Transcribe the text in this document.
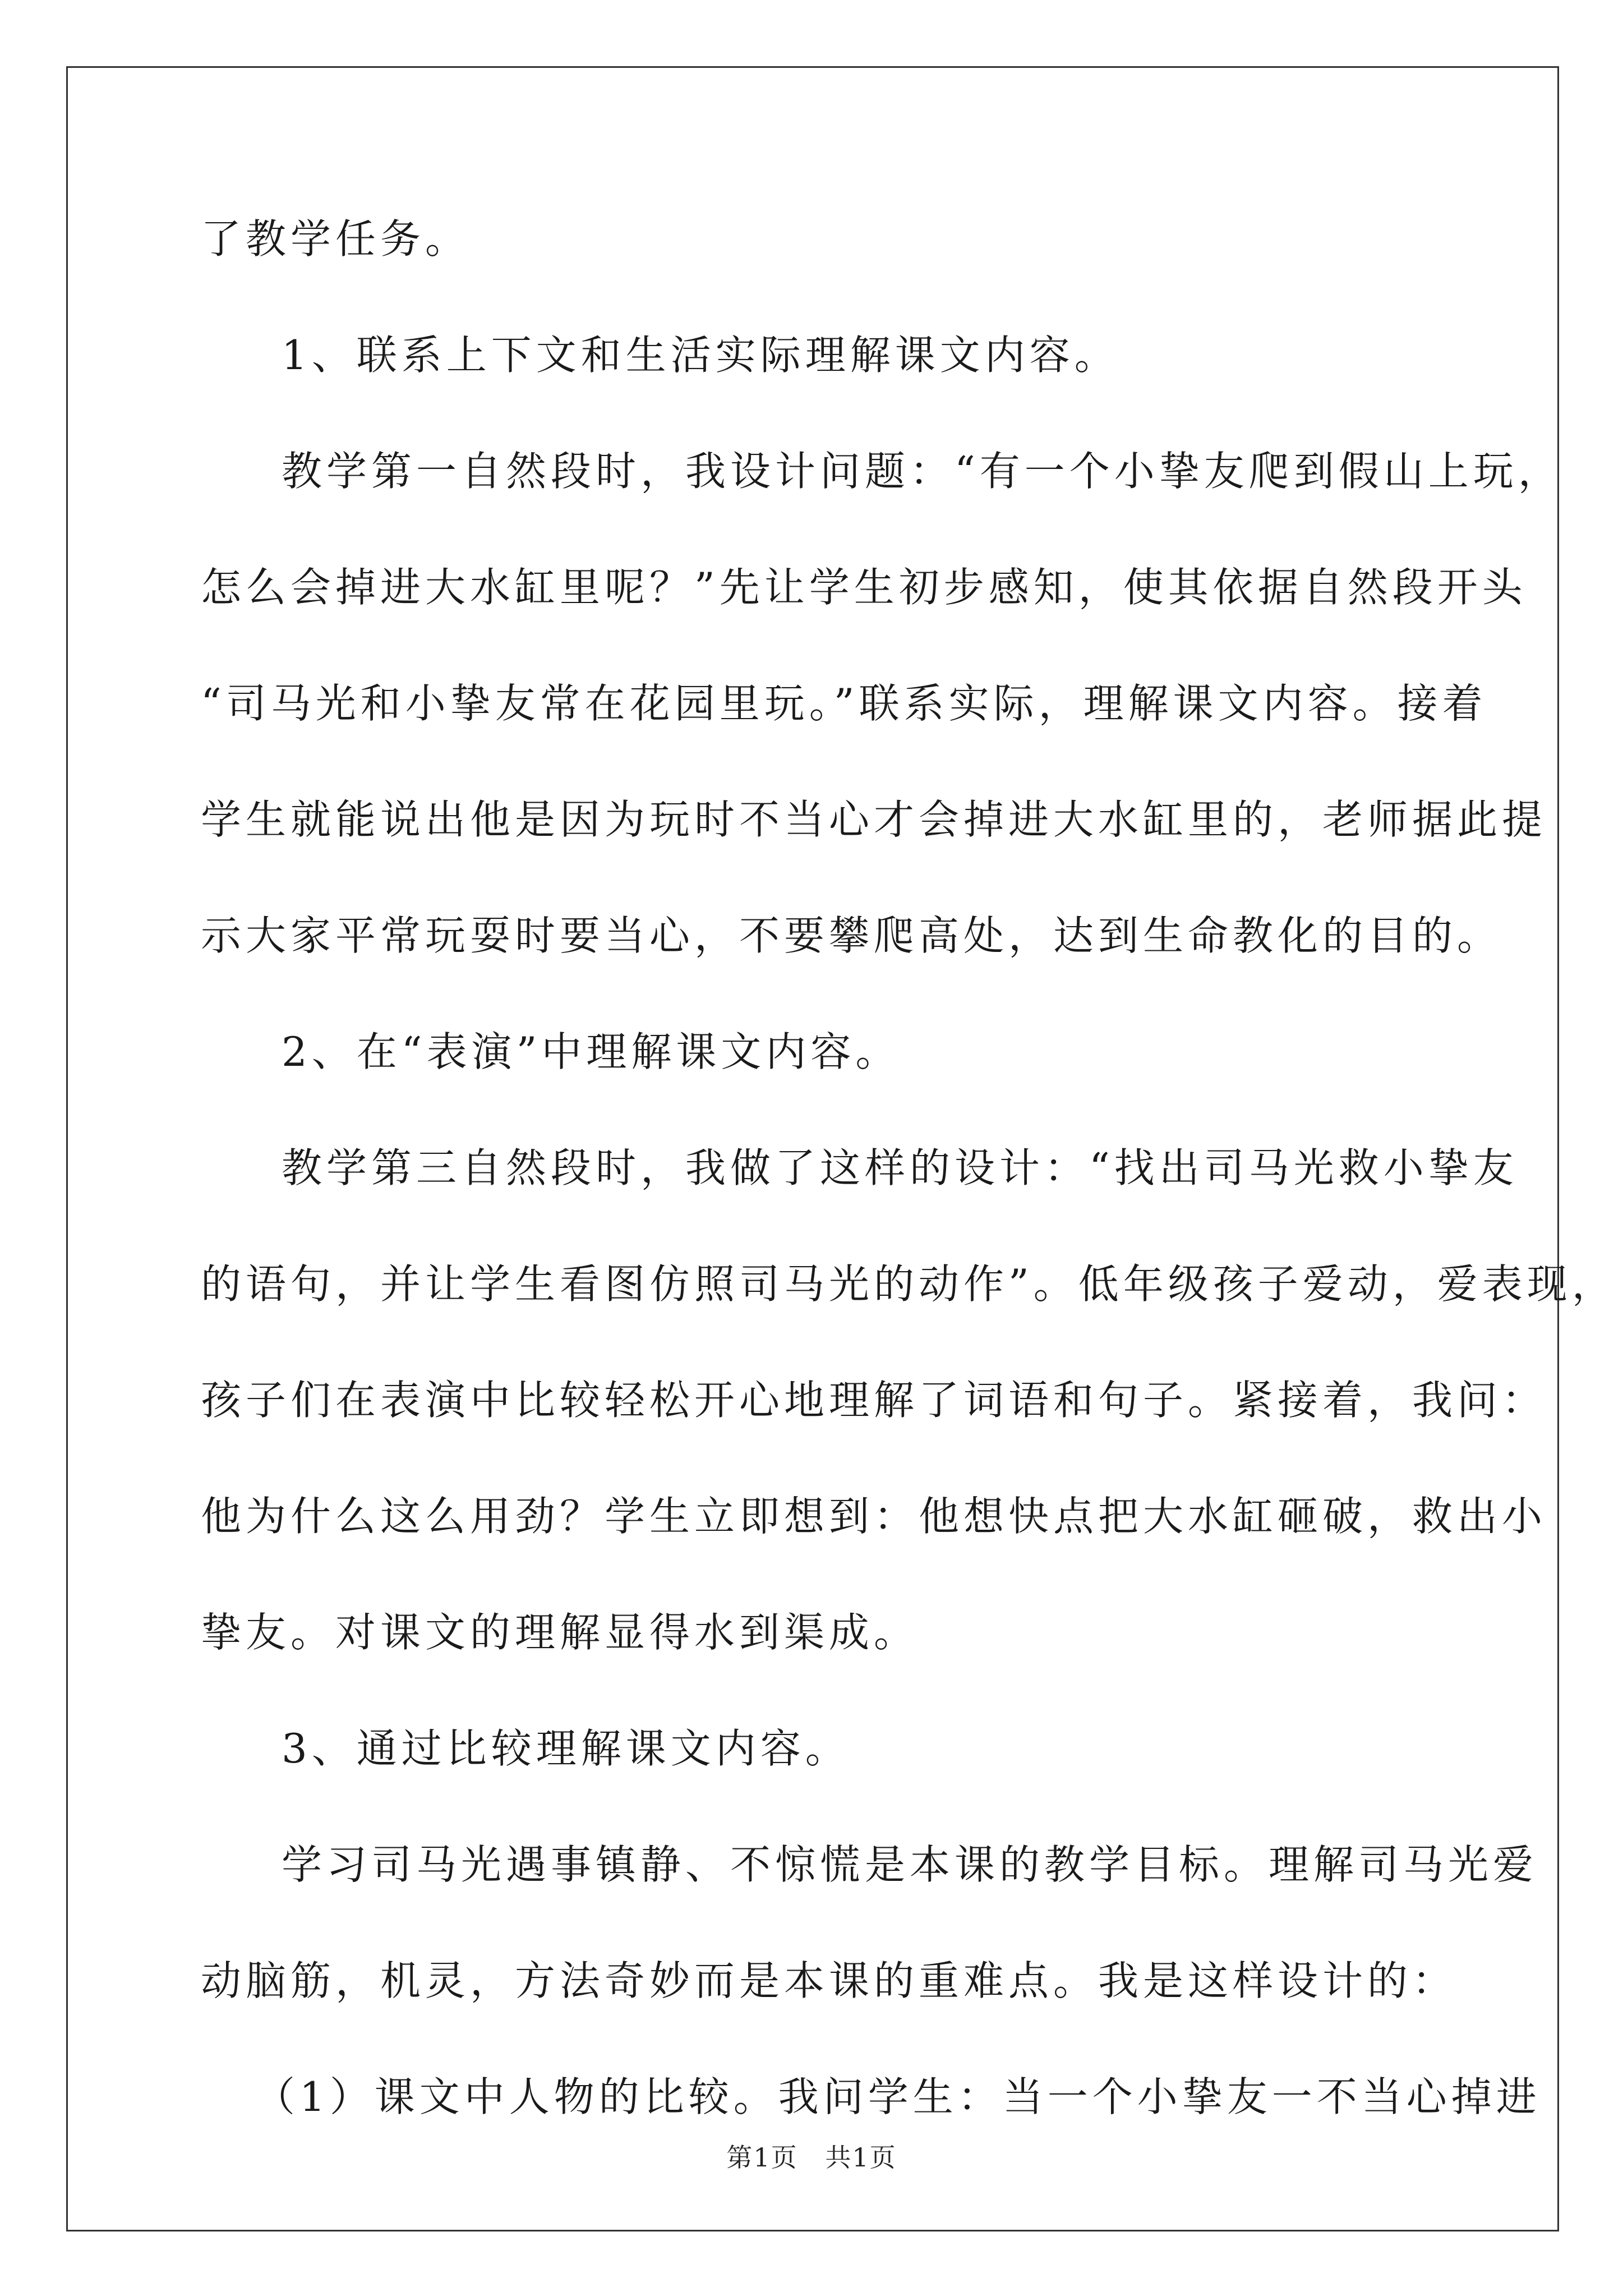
了教学任务。
1、联系上下文和生活实际理解课文内容。
教学第一自然段时，我设计问题：“有一个小挚友爬到假山上玩，
怎么会掉进大水缸里呢？”先让学生初步感知，使其依据自然段开头
“司马光和小挚友常在花园里玩。”联系实际，理解课文内容。接着
学生就能说出他是因为玩时不当心才会掉进大水缸里的，老师据此提
示大家平常玩耍时要当心，不要攀爬高处，达到生命教化的目的。
2、在“表演”中理解课文内容。
教学第三自然段时，我做了这样的设计：“找出司马光救小挚友
的语句，并让学生看图仿照司马光的动作”。低年级孩子爱动，爱表现，
孩子们在表演中比较轻松开心地理解了词语和句子。紧接着，我问：
他为什么这么用劲？学生立即想到：他想快点把大水缸砸破，救出小
挚友。对课文的理解显得水到渠成。
3、通过比较理解课文内容。
学习司马光遇事镇静、不惊慌是本课的教学目标。理解司马光爱
动脑筋，机灵，方法奇妙而是本课的重难点。我是这样设计的：
（1）课文中人物的比较。我问学生：当一个小挚友一不当心掉进
第1页 共1页
